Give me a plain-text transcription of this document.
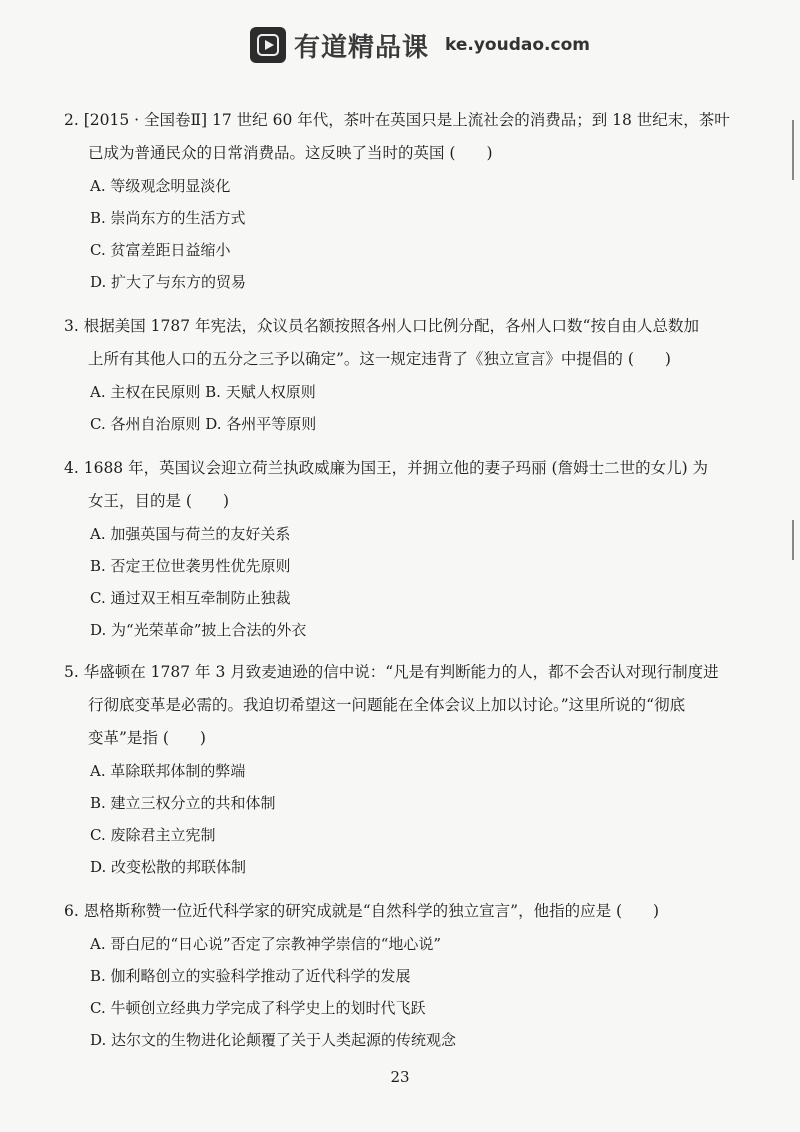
有道精品课 ke.youdao.com
2. [2015 · 全国卷Ⅱ] 17 世纪 60 年代，茶叶在英国只是上流社会的消费品；到 18 世纪末，茶叶
已成为普通民众的日常消费品。这反映了当时的英国 (　　)
A. 等级观念明显淡化
B. 崇尚东方的生活方式
C. 贫富差距日益缩小
D. 扩大了与东方的贸易
3. 根据美国 1787 年宪法，众议员名额按照各州人口比例分配，各州人口数“按自由人总数加
上所有其他人口的五分之三予以确定”。这一规定违背了《独立宣言》中提倡的 (　　)
A. 主权在民原则 B. 天赋人权原则
C. 各州自治原则 D. 各州平等原则
4. 1688 年，英国议会迎立荷兰执政威廉为国王，并拥立他的妻子玛丽 (詹姆士二世的女儿) 为
女王，目的是 (　　)
A. 加强英国与荷兰的友好关系
B. 否定王位世袭男性优先原则
C. 通过双王相互牵制防止独裁
D. 为“光荣革命”披上合法的外衣
5. 华盛顿在 1787 年 3 月致麦迪逊的信中说：“凡是有判断能力的人，都不会否认对现行制度进
行彻底变革是必需的。我迫切希望这一问题能在全体会议上加以讨论。”这里所说的“彻底
变革”是指 (　　)
A. 革除联邦体制的弊端
B. 建立三权分立的共和体制
C. 废除君主立宪制
D. 改变松散的邦联体制
6. 恩格斯称赞一位近代科学家的研究成就是“自然科学的独立宣言”，他指的应是 (　　)
A. 哥白尼的“日心说”否定了宗教神学崇信的“地心说”
B. 伽利略创立的实验科学推动了近代科学的发展
C. 牛顿创立经典力学完成了科学史上的划时代飞跃
D. 达尔文的生物进化论颠覆了关于人类起源的传统观念
23
